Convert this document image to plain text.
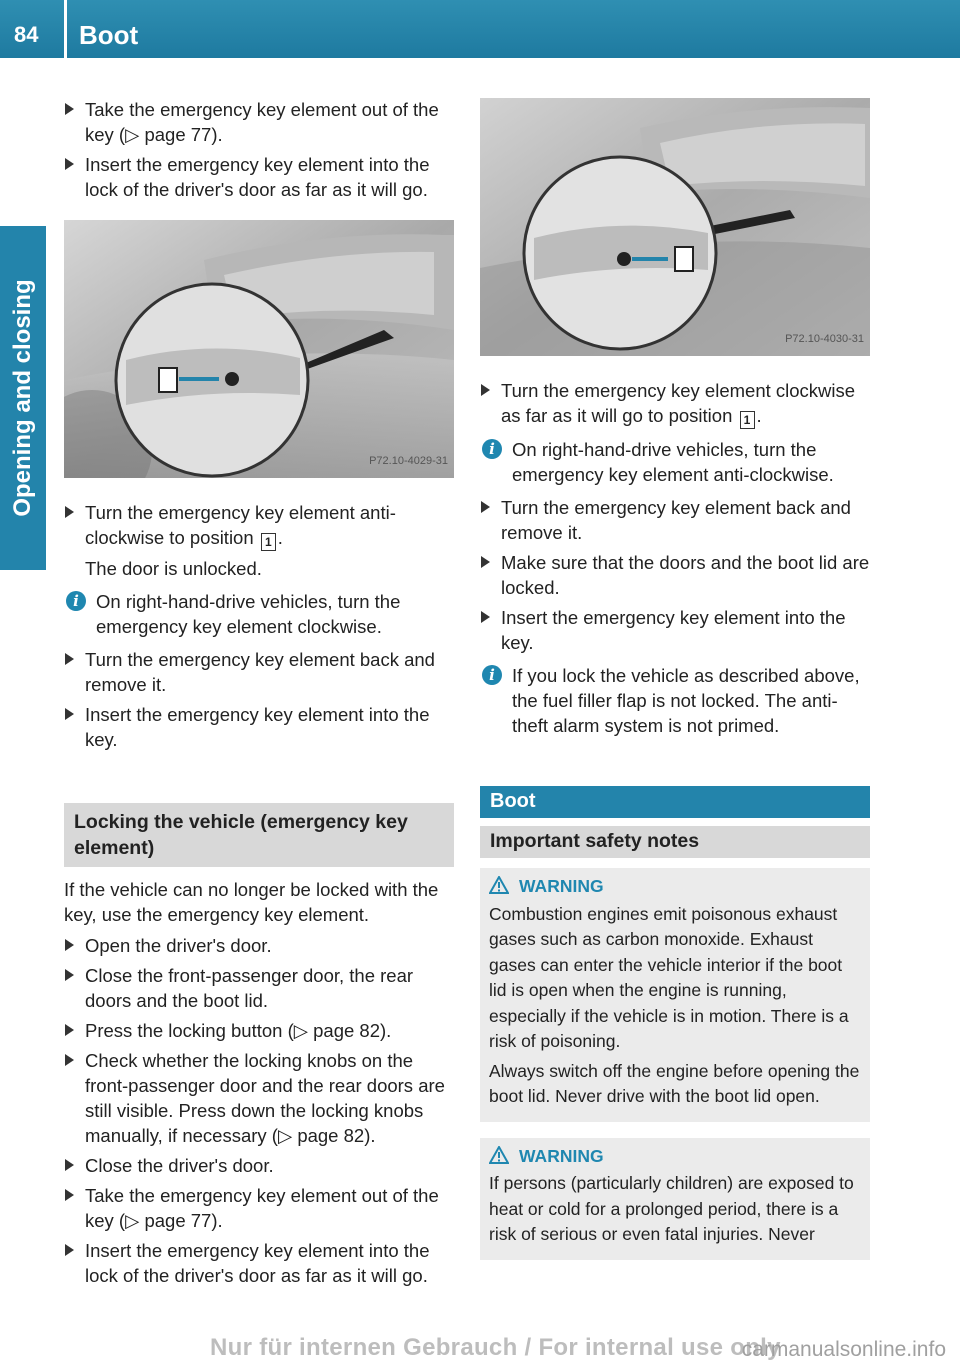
84 Boot
Opening and closing
Take the emergency key element out of the key (▷ page 77).
Insert the emergency key element into the lock of the driver's door as far as it will go.
P72.10-4029-31
Turn the emergency key element anti-clockwise to position 1 .
The door is unlocked.
i On right-hand-drive vehicles, turn the emergency key element clockwise.
Turn the emergency key element back and remove it.
Insert the emergency key element into the key.
Locking the vehicle (emergency key element)
If the vehicle can no longer be locked with the key, use the emergency key element.
Open the driver's door.
Close the front-passenger door, the rear doors and the boot lid.
Press the locking button (▷ page 82).
Check whether the locking knobs on the front-passenger door and the rear doors are still visible. Press down the locking knobs manually, if necessary (▷ page 82).
Close the driver's door.
Take the emergency key element out of the key (▷ page 77).
Insert the emergency key element into the lock of the driver's door as far as it will go.
P72.10-4030-31
Turn the emergency key element clockwise as far as it will go to position 1 .
i On right-hand-drive vehicles, turn the emergency key element anti-clockwise.
Turn the emergency key element back and remove it.
Make sure that the doors and the boot lid are locked.
Insert the emergency key element into the key.
i If you lock the vehicle as described above, the fuel filler flap is not locked. The anti-theft alarm system is not primed.
Boot
Important safety notes
WARNING

Combustion engines emit poisonous exhaust gases such as carbon monoxide. Exhaust gases can enter the vehicle interior if the boot lid is open when the engine is running, especially if the vehicle is in motion. There is a risk of poisoning.

Always switch off the engine before opening the boot lid. Never drive with the boot lid open.

WARNING

If persons (particularly children) are exposed to heat or cold for a prolonged period, there is a risk of serious or even fatal injuries. Never

Nur für internen Gebrauch / For internal use only
carmanualsonline.info
